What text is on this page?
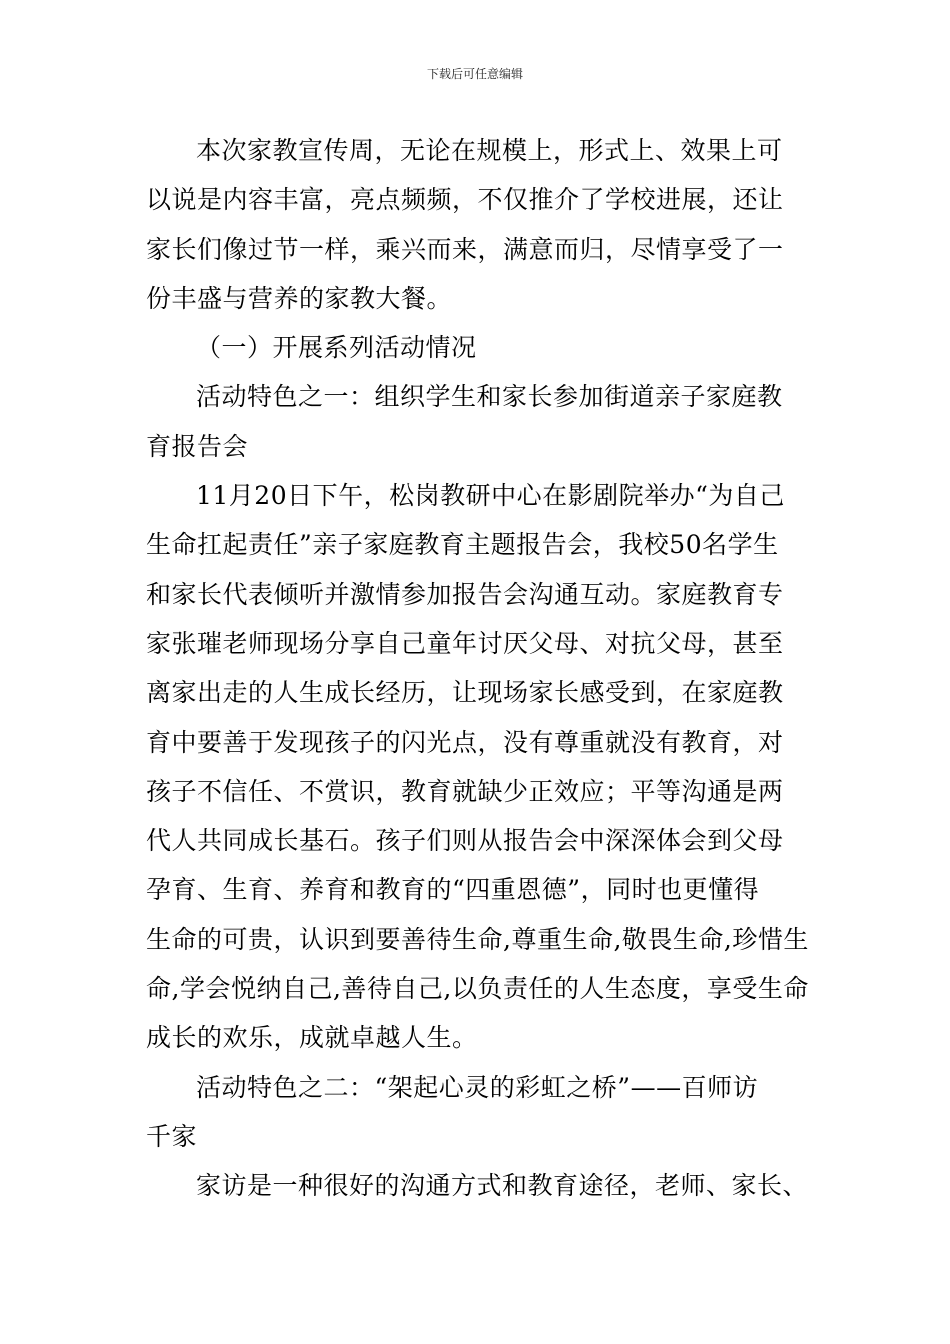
下载后可任意编辑
本次家教宣传周，无论在规模上，形式上、效果上可
以说是内容丰富，亮点频频，不仅推介了学校进展，还让
家长们像过节一样，乘兴而来，满意而归，尽情享受了一
份丰盛与营养的家教大餐。
（一）开展系列活动情况
活动特色之一：组织学生和家长参加街道亲子家庭教
育报告会
11月20日下午，松岗教研中心在影剧院举办“为自己
生命扛起责任”亲子家庭教育主题报告会，我校50名学生
和家长代表倾听并激情参加报告会沟通互动。家庭教育专
家张璀老师现场分享自己童年讨厌父母、对抗父母，甚至
离家出走的人生成长经历，让现场家长感受到，在家庭教
育中要善于发现孩子的闪光点，没有尊重就没有教育，对
孩子不信任、不赏识，教育就缺少正效应；平等沟通是两
代人共同成长基石。孩子们则从报告会中深深体会到父母
孕育、生育、养育和教育的“四重恩德”，同时也更懂得
生命的可贵，认识到要善待生命,尊重生命,敬畏生命,珍惜生
命,学会悦纳自己,善待自己,以负责任的人生态度，享受生命
成长的欢乐，成就卓越人生。
活动特色之二：“架起心灵的彩虹之桥”——百师访
千家
家访是一种很好的沟通方式和教育途径，老师、家长、
